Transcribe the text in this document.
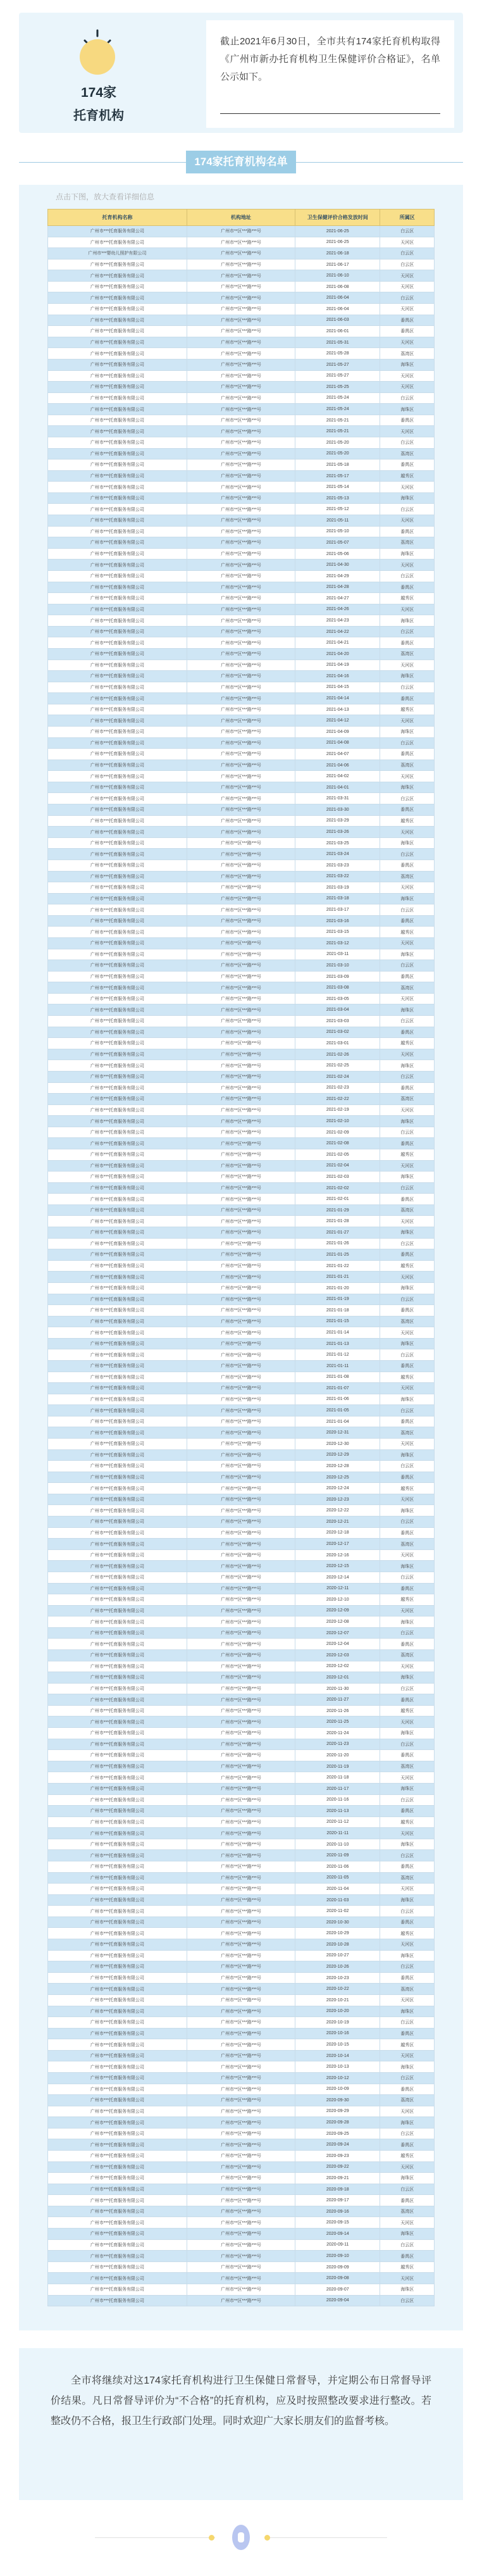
174家
托育机构

截止2021年6月30日，全市共有174家托育机构取得《广州市新办托育机构卫生保健评价合格证》，名单公示如下。

174家托育机构名单
点击下图，放大查看详细信息
托育机构名称	机构地址	卫生保健评价合格发放时间	所属区
广州市***托育服务有限公司	广州市**区***路***号	2021-06-25	白云区
广州市***托育服务有限公司	广州市**区***路***号	2021-06-25	天河区
广州市***婴幼儿照护有限公司	广州市**区***路***号	2021-06-18	白云区
广州市***托育服务有限公司	广州市**区***路***号	2021-06-17	白云区
广州市***托育服务有限公司	广州市**区***路***号	2021-06-10	天河区
广州市***托育服务有限公司	广州市**区***路***号	2021-06-08	天河区
广州市***托育服务有限公司	广州市**区***路***号	2021-06-04	白云区
广州市***托育服务有限公司	广州市**区***路***号	2021-06-04	天河区
广州市***托育服务有限公司	广州市**区***路***号	2021-06-03	番禺区
广州市***托育服务有限公司	广州市**区***路***号	2021-06-01	番禺区
广州市***托育服务有限公司	广州市**区***路***号	2021-05-31	天河区
广州市***托育服务有限公司	广州市**区***路***号	2021-05-28	荔湾区
广州市***托育服务有限公司	广州市**区***路***号	2021-05-27	海珠区
广州市***托育服务有限公司	广州市**区***路***号	2021-05-27	天河区
广州市***托育服务有限公司	广州市**区***路***号	2021-05-25	天河区
广州市***托育服务有限公司	广州市**区***路***号	2021-05-24	白云区
广州市***托育服务有限公司	广州市**区***路***号	2021-05-24	海珠区
广州市***托育服务有限公司	广州市**区***路***号	2021-05-21	番禺区
广州市***托育服务有限公司	广州市**区***路***号	2021-05-21	天河区
广州市***托育服务有限公司	广州市**区***路***号	2021-05-20	白云区
广州市***托育服务有限公司	广州市**区***路***号	2021-05-20	荔湾区
广州市***托育服务有限公司	广州市**区***路***号	2021-05-18	番禺区
广州市***托育服务有限公司	广州市**区***路***号	2021-05-17	越秀区
广州市***托育服务有限公司	广州市**区***路***号	2021-05-14	天河区
广州市***托育服务有限公司	广州市**区***路***号	2021-05-13	海珠区
广州市***托育服务有限公司	广州市**区***路***号	2021-05-12	白云区
广州市***托育服务有限公司	广州市**区***路***号	2021-05-11	天河区
广州市***托育服务有限公司	广州市**区***路***号	2021-05-10	番禺区
广州市***托育服务有限公司	广州市**区***路***号	2021-05-07	荔湾区
广州市***托育服务有限公司	广州市**区***路***号	2021-05-06	海珠区
广州市***托育服务有限公司	广州市**区***路***号	2021-04-30	天河区
广州市***托育服务有限公司	广州市**区***路***号	2021-04-29	白云区
广州市***托育服务有限公司	广州市**区***路***号	2021-04-28	番禺区
广州市***托育服务有限公司	广州市**区***路***号	2021-04-27	越秀区
广州市***托育服务有限公司	广州市**区***路***号	2021-04-26	天河区
广州市***托育服务有限公司	广州市**区***路***号	2021-04-23	海珠区
广州市***托育服务有限公司	广州市**区***路***号	2021-04-22	白云区
广州市***托育服务有限公司	广州市**区***路***号	2021-04-21	番禺区
广州市***托育服务有限公司	广州市**区***路***号	2021-04-20	荔湾区
广州市***托育服务有限公司	广州市**区***路***号	2021-04-19	天河区
广州市***托育服务有限公司	广州市**区***路***号	2021-04-16	海珠区
广州市***托育服务有限公司	广州市**区***路***号	2021-04-15	白云区
广州市***托育服务有限公司	广州市**区***路***号	2021-04-14	番禺区
广州市***托育服务有限公司	广州市**区***路***号	2021-04-13	越秀区
广州市***托育服务有限公司	广州市**区***路***号	2021-04-12	天河区
广州市***托育服务有限公司	广州市**区***路***号	2021-04-09	海珠区
广州市***托育服务有限公司	广州市**区***路***号	2021-04-08	白云区
广州市***托育服务有限公司	广州市**区***路***号	2021-04-07	番禺区
广州市***托育服务有限公司	广州市**区***路***号	2021-04-06	荔湾区
广州市***托育服务有限公司	广州市**区***路***号	2021-04-02	天河区
广州市***托育服务有限公司	广州市**区***路***号	2021-04-01	海珠区
广州市***托育服务有限公司	广州市**区***路***号	2021-03-31	白云区
广州市***托育服务有限公司	广州市**区***路***号	2021-03-30	番禺区
广州市***托育服务有限公司	广州市**区***路***号	2021-03-29	越秀区
广州市***托育服务有限公司	广州市**区***路***号	2021-03-26	天河区
广州市***托育服务有限公司	广州市**区***路***号	2021-03-25	海珠区
广州市***托育服务有限公司	广州市**区***路***号	2021-03-24	白云区
广州市***托育服务有限公司	广州市**区***路***号	2021-03-23	番禺区
广州市***托育服务有限公司	广州市**区***路***号	2021-03-22	荔湾区
广州市***托育服务有限公司	广州市**区***路***号	2021-03-19	天河区
广州市***托育服务有限公司	广州市**区***路***号	2021-03-18	海珠区
广州市***托育服务有限公司	广州市**区***路***号	2021-03-17	白云区
广州市***托育服务有限公司	广州市**区***路***号	2021-03-16	番禺区
广州市***托育服务有限公司	广州市**区***路***号	2021-03-15	越秀区
广州市***托育服务有限公司	广州市**区***路***号	2021-03-12	天河区
广州市***托育服务有限公司	广州市**区***路***号	2021-03-11	海珠区
广州市***托育服务有限公司	广州市**区***路***号	2021-03-10	白云区
广州市***托育服务有限公司	广州市**区***路***号	2021-03-09	番禺区
广州市***托育服务有限公司	广州市**区***路***号	2021-03-08	荔湾区
广州市***托育服务有限公司	广州市**区***路***号	2021-03-05	天河区
广州市***托育服务有限公司	广州市**区***路***号	2021-03-04	海珠区
广州市***托育服务有限公司	广州市**区***路***号	2021-03-03	白云区
广州市***托育服务有限公司	广州市**区***路***号	2021-03-02	番禺区
广州市***托育服务有限公司	广州市**区***路***号	2021-03-01	越秀区
广州市***托育服务有限公司	广州市**区***路***号	2021-02-26	天河区
广州市***托育服务有限公司	广州市**区***路***号	2021-02-25	海珠区
广州市***托育服务有限公司	广州市**区***路***号	2021-02-24	白云区
广州市***托育服务有限公司	广州市**区***路***号	2021-02-23	番禺区
广州市***托育服务有限公司	广州市**区***路***号	2021-02-22	荔湾区
广州市***托育服务有限公司	广州市**区***路***号	2021-02-19	天河区
广州市***托育服务有限公司	广州市**区***路***号	2021-02-10	海珠区
广州市***托育服务有限公司	广州市**区***路***号	2021-02-09	白云区
广州市***托育服务有限公司	广州市**区***路***号	2021-02-08	番禺区
广州市***托育服务有限公司	广州市**区***路***号	2021-02-05	越秀区
广州市***托育服务有限公司	广州市**区***路***号	2021-02-04	天河区
广州市***托育服务有限公司	广州市**区***路***号	2021-02-03	海珠区
广州市***托育服务有限公司	广州市**区***路***号	2021-02-02	白云区
广州市***托育服务有限公司	广州市**区***路***号	2021-02-01	番禺区
广州市***托育服务有限公司	广州市**区***路***号	2021-01-29	荔湾区
广州市***托育服务有限公司	广州市**区***路***号	2021-01-28	天河区
广州市***托育服务有限公司	广州市**区***路***号	2021-01-27	海珠区
广州市***托育服务有限公司	广州市**区***路***号	2021-01-26	白云区
广州市***托育服务有限公司	广州市**区***路***号	2021-01-25	番禺区
广州市***托育服务有限公司	广州市**区***路***号	2021-01-22	越秀区
广州市***托育服务有限公司	广州市**区***路***号	2021-01-21	天河区
广州市***托育服务有限公司	广州市**区***路***号	2021-01-20	海珠区
广州市***托育服务有限公司	广州市**区***路***号	2021-01-19	白云区
广州市***托育服务有限公司	广州市**区***路***号	2021-01-18	番禺区
广州市***托育服务有限公司	广州市**区***路***号	2021-01-15	荔湾区
广州市***托育服务有限公司	广州市**区***路***号	2021-01-14	天河区
广州市***托育服务有限公司	广州市**区***路***号	2021-01-13	海珠区
广州市***托育服务有限公司	广州市**区***路***号	2021-01-12	白云区
广州市***托育服务有限公司	广州市**区***路***号	2021-01-11	番禺区
广州市***托育服务有限公司	广州市**区***路***号	2021-01-08	越秀区
广州市***托育服务有限公司	广州市**区***路***号	2021-01-07	天河区
广州市***托育服务有限公司	广州市**区***路***号	2021-01-06	海珠区
广州市***托育服务有限公司	广州市**区***路***号	2021-01-05	白云区
广州市***托育服务有限公司	广州市**区***路***号	2021-01-04	番禺区
广州市***托育服务有限公司	广州市**区***路***号	2020-12-31	荔湾区
广州市***托育服务有限公司	广州市**区***路***号	2020-12-30	天河区
广州市***托育服务有限公司	广州市**区***路***号	2020-12-29	海珠区
广州市***托育服务有限公司	广州市**区***路***号	2020-12-28	白云区
广州市***托育服务有限公司	广州市**区***路***号	2020-12-25	番禺区
广州市***托育服务有限公司	广州市**区***路***号	2020-12-24	越秀区
广州市***托育服务有限公司	广州市**区***路***号	2020-12-23	天河区
广州市***托育服务有限公司	广州市**区***路***号	2020-12-22	海珠区
广州市***托育服务有限公司	广州市**区***路***号	2020-12-21	白云区
广州市***托育服务有限公司	广州市**区***路***号	2020-12-18	番禺区
广州市***托育服务有限公司	广州市**区***路***号	2020-12-17	荔湾区
广州市***托育服务有限公司	广州市**区***路***号	2020-12-16	天河区
广州市***托育服务有限公司	广州市**区***路***号	2020-12-15	海珠区
广州市***托育服务有限公司	广州市**区***路***号	2020-12-14	白云区
广州市***托育服务有限公司	广州市**区***路***号	2020-12-11	番禺区
广州市***托育服务有限公司	广州市**区***路***号	2020-12-10	越秀区
广州市***托育服务有限公司	广州市**区***路***号	2020-12-09	天河区
广州市***托育服务有限公司	广州市**区***路***号	2020-12-08	海珠区
广州市***托育服务有限公司	广州市**区***路***号	2020-12-07	白云区
广州市***托育服务有限公司	广州市**区***路***号	2020-12-04	番禺区
广州市***托育服务有限公司	广州市**区***路***号	2020-12-03	荔湾区
广州市***托育服务有限公司	广州市**区***路***号	2020-12-02	天河区
广州市***托育服务有限公司	广州市**区***路***号	2020-12-01	海珠区
广州市***托育服务有限公司	广州市**区***路***号	2020-11-30	白云区
广州市***托育服务有限公司	广州市**区***路***号	2020-11-27	番禺区
广州市***托育服务有限公司	广州市**区***路***号	2020-11-26	越秀区
广州市***托育服务有限公司	广州市**区***路***号	2020-11-25	天河区
广州市***托育服务有限公司	广州市**区***路***号	2020-11-24	海珠区
广州市***托育服务有限公司	广州市**区***路***号	2020-11-23	白云区
广州市***托育服务有限公司	广州市**区***路***号	2020-11-20	番禺区
广州市***托育服务有限公司	广州市**区***路***号	2020-11-19	荔湾区
广州市***托育服务有限公司	广州市**区***路***号	2020-11-18	天河区
广州市***托育服务有限公司	广州市**区***路***号	2020-11-17	海珠区
广州市***托育服务有限公司	广州市**区***路***号	2020-11-16	白云区
广州市***托育服务有限公司	广州市**区***路***号	2020-11-13	番禺区
广州市***托育服务有限公司	广州市**区***路***号	2020-11-12	越秀区
广州市***托育服务有限公司	广州市**区***路***号	2020-11-11	天河区
广州市***托育服务有限公司	广州市**区***路***号	2020-11-10	海珠区
广州市***托育服务有限公司	广州市**区***路***号	2020-11-09	白云区
广州市***托育服务有限公司	广州市**区***路***号	2020-11-06	番禺区
广州市***托育服务有限公司	广州市**区***路***号	2020-11-05	荔湾区
广州市***托育服务有限公司	广州市**区***路***号	2020-11-04	天河区
广州市***托育服务有限公司	广州市**区***路***号	2020-11-03	海珠区
广州市***托育服务有限公司	广州市**区***路***号	2020-11-02	白云区
广州市***托育服务有限公司	广州市**区***路***号	2020-10-30	番禺区
广州市***托育服务有限公司	广州市**区***路***号	2020-10-29	越秀区
广州市***托育服务有限公司	广州市**区***路***号	2020-10-28	天河区
广州市***托育服务有限公司	广州市**区***路***号	2020-10-27	海珠区
广州市***托育服务有限公司	广州市**区***路***号	2020-10-26	白云区
广州市***托育服务有限公司	广州市**区***路***号	2020-10-23	番禺区
广州市***托育服务有限公司	广州市**区***路***号	2020-10-22	荔湾区
广州市***托育服务有限公司	广州市**区***路***号	2020-10-21	天河区
广州市***托育服务有限公司	广州市**区***路***号	2020-10-20	海珠区
广州市***托育服务有限公司	广州市**区***路***号	2020-10-19	白云区
广州市***托育服务有限公司	广州市**区***路***号	2020-10-16	番禺区
广州市***托育服务有限公司	广州市**区***路***号	2020-10-15	越秀区
广州市***托育服务有限公司	广州市**区***路***号	2020-10-14	天河区
广州市***托育服务有限公司	广州市**区***路***号	2020-10-13	海珠区
广州市***托育服务有限公司	广州市**区***路***号	2020-10-12	白云区
广州市***托育服务有限公司	广州市**区***路***号	2020-10-09	番禺区
广州市***托育服务有限公司	广州市**区***路***号	2020-09-30	荔湾区
广州市***托育服务有限公司	广州市**区***路***号	2020-09-29	天河区
广州市***托育服务有限公司	广州市**区***路***号	2020-09-28	海珠区
广州市***托育服务有限公司	广州市**区***路***号	2020-09-25	白云区
广州市***托育服务有限公司	广州市**区***路***号	2020-09-24	番禺区
广州市***托育服务有限公司	广州市**区***路***号	2020-09-23	越秀区
广州市***托育服务有限公司	广州市**区***路***号	2020-09-22	天河区
广州市***托育服务有限公司	广州市**区***路***号	2020-09-21	海珠区
广州市***托育服务有限公司	广州市**区***路***号	2020-09-18	白云区
广州市***托育服务有限公司	广州市**区***路***号	2020-09-17	番禺区
广州市***托育服务有限公司	广州市**区***路***号	2020-09-16	荔湾区
广州市***托育服务有限公司	广州市**区***路***号	2020-09-15	天河区
广州市***托育服务有限公司	广州市**区***路***号	2020-09-14	海珠区
广州市***托育服务有限公司	广州市**区***路***号	2020-09-11	白云区
广州市***托育服务有限公司	广州市**区***路***号	2020-09-10	番禺区
广州市***托育服务有限公司	广州市**区***路***号	2020-09-09	越秀区
广州市***托育服务有限公司	广州市**区***路***号	2020-09-08	天河区
广州市***托育服务有限公司	广州市**区***路***号	2020-09-07	海珠区
广州市***托育服务有限公司	广州市**区***路***号	2020-09-04	白云区

全市将继续对这174家托育机构进行卫生保健日常督导，并定期公布日常督导评价结果。凡日常督导评价为“不合格”的托育机构，应及时按照整改要求进行整改。若整改仍不合格，报卫生行政部门处理。同时欢迎广大家长朋友们的监督考核。
